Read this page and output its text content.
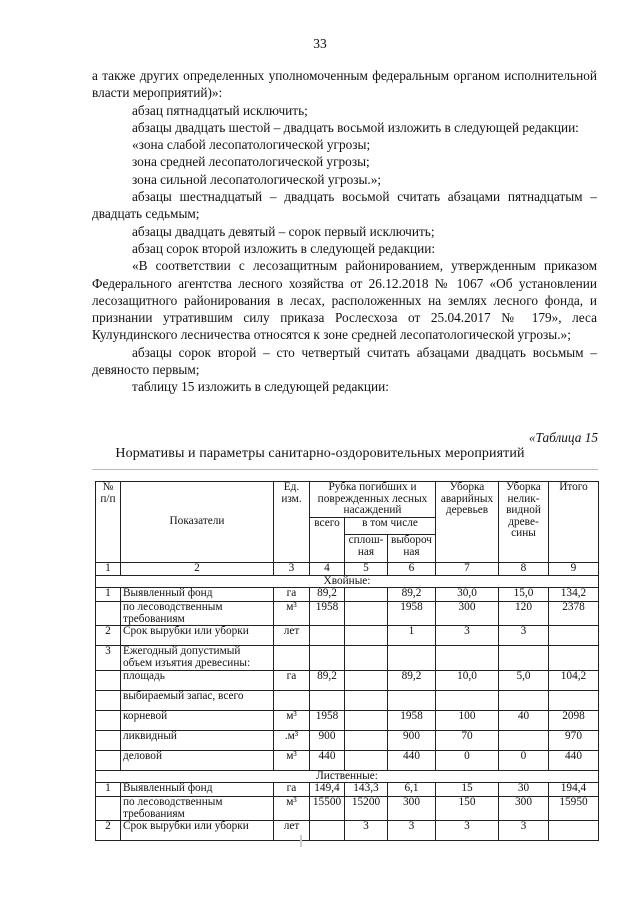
33

а также других определенных уполномоченным федеральным органом исполнительной власти мероприятий)»:

абзац пятнадцатый исключить;

абзацы двадцать шестой – двадцать восьмой изложить в следующей редакции:

«зона слабой лесопатологической угрозы;

зона средней лесопатологической угрозы;

зона сильной лесопатологической угрозы.»;

абзацы шестнадцатый – двадцать восьмой считать абзацами пятнадцатым – двадцать седьмым;

абзацы двадцать девятый – сорок первый исключить;

абзац сорок второй изложить в следующей редакции:

«В соответствии с лесозащитным районированием, утвержденным приказом Федерального агентства лесного хозяйства от 26.12.2018 № 1067 «Об установлении лесозащитного районирования в лесах, расположенных на землях лесного фонда, и признании утратившим силу приказа Рослесхоза от 25.04.2017 № 179», леса Кулундинского лесничества относятся к зоне средней лесопатологической угрозы.»;

абзацы сорок второй – сто четвертый считать абзацами двадцать восьмым – девяносто первым;

таблицу 15 изложить в следующей редакции:

«Таблица 15
Нормативы и параметры санитарно-оздоровительных мероприятий
№ п/п	Показатели	Ед. изм.	Рубка погибших и поврежденных лесных насаждений			Уборка аварийных деревьев	Уборка нелик-видной древе-сины	Итого
			всего	в том числе				
				сплош-ная	выбороч ная			
1	2	3	4	5	6	7	8	9
Хвойные:								
1	Выявленный фонд	га	89,2		89,2	30,0	15,0	134,2
	по лесоводственным требованиям	м³	1958		1958	300	120	2378
2	Срок вырубки или уборки	лет			1	3	3	
3	Ежегодный допустимый объем изъятия древесины:							
	площадь	га	89,2		89,2	10,0	5,0	104,2
	выбираемый запас, всего							
	корневой	м³	1958		1958	100	40	2098
	ликвидный	.м³	900		900	70		970
	деловой	м³	440		440	0	0	440
Лиственные:								
1	Выявленный фонд	га	149,4	143,3	6,1	15	30	194,4
	по лесоводственным требованиям	м³	15500	15200	300	150	300	15950
2	Срок вырубки или уборки	лет		3	3	3	3	
